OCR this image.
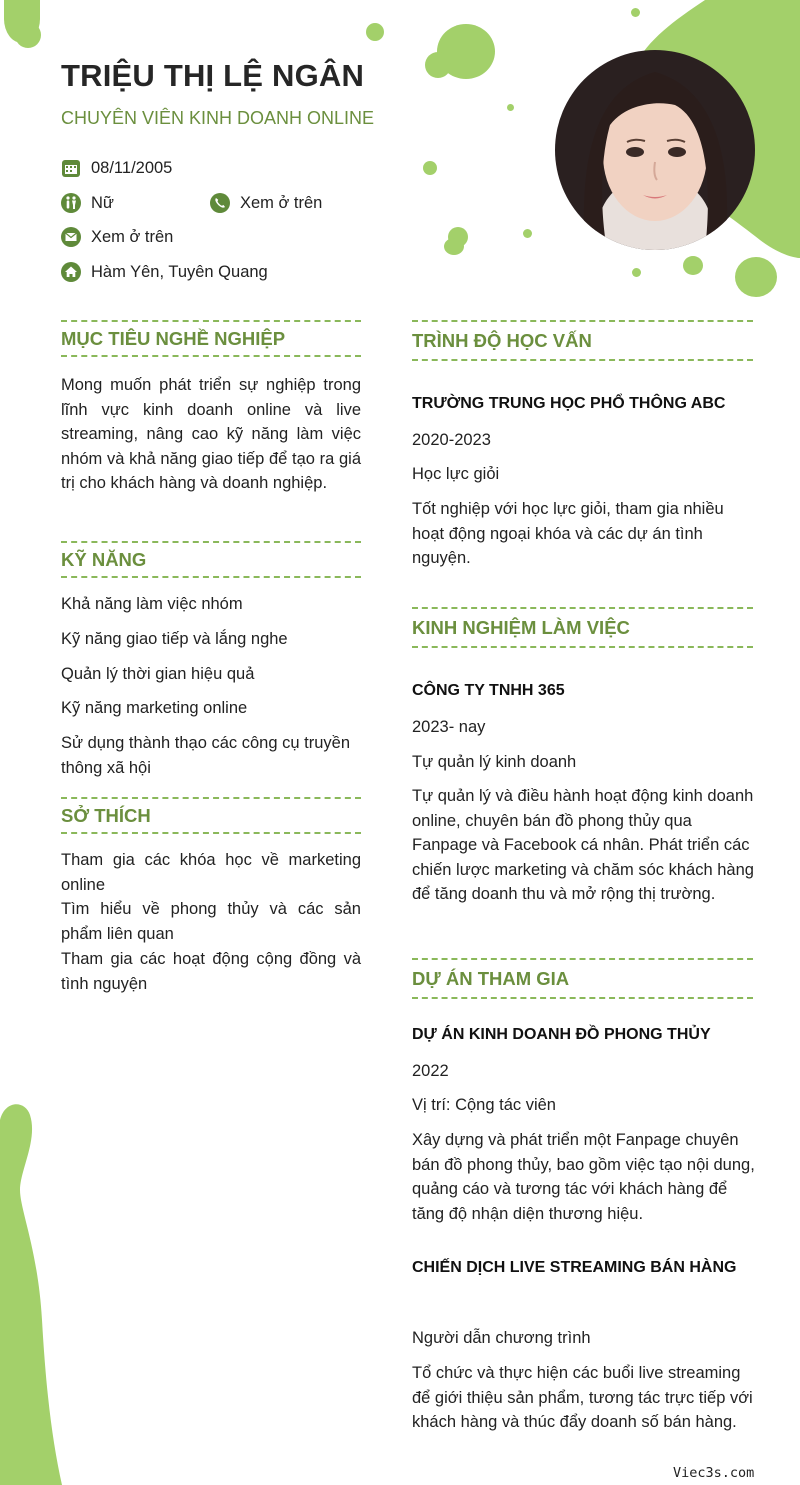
TRIỆU THỊ LỆ NGÂN
CHUYÊN VIÊN KINH DOANH ONLINE
08/11/2005
Nữ	Xem ở trên
Xem ở trên
Hàm Yên, Tuyên Quang
MỤC TIÊU NGHỀ NGHIỆP

Mong muốn phát triển sự nghiệp trong lĩnh vực kinh doanh online và live streaming, nâng cao kỹ năng làm việc nhóm và khả năng giao tiếp để tạo ra giá trị cho khách hàng và doanh nghiệp.

KỸ NĂNG
Khả năng làm việc nhóm
Kỹ năng giao tiếp và lắng nghe
Quản lý thời gian hiệu quả
Kỹ năng marketing online
Sử dụng thành thạo các công cụ truyền thông xã hội
SỞ THÍCH
Tham gia các khóa học về marketing online
Tìm hiểu về phong thủy và các sản phẩm liên quan
Tham gia các hoạt động cộng đồng và tình nguyện
TRÌNH ĐỘ HỌC VẤN
TRƯỜNG TRUNG HỌC PHỔ THÔNG ABC
2020-2023
Học lực giỏi

Tốt nghiệp với học lực giỏi, tham gia nhiều hoạt động ngoại khóa và các dự án tình nguyện.

KINH NGHIỆM LÀM VIỆC
CÔNG TY TNHH 365
2023- nay
Tự quản lý kinh doanh

Tự quản lý và điều hành hoạt động kinh doanh online, chuyên bán đồ phong thủy qua Fanpage và Facebook cá nhân. Phát triển các chiến lược marketing và chăm sóc khách hàng để tăng doanh thu và mở rộng thị trường.

DỰ ÁN THAM GIA
DỰ ÁN KINH DOANH ĐỒ PHONG THỦY
2022
Vị trí: Cộng tác viên

Xây dựng và phát triển một Fanpage chuyên bán đồ phong thủy, bao gồm việc tạo nội dung, quảng cáo và tương tác với khách hàng để tăng độ nhận diện thương hiệu.

CHIẾN DỊCH LIVE STREAMING BÁN HÀNG
Người dẫn chương trình

Tổ chức và thực hiện các buổi live streaming để giới thiệu sản phẩm, tương tác trực tiếp với khách hàng và thúc đẩy doanh số bán hàng.

Viec3s.com
